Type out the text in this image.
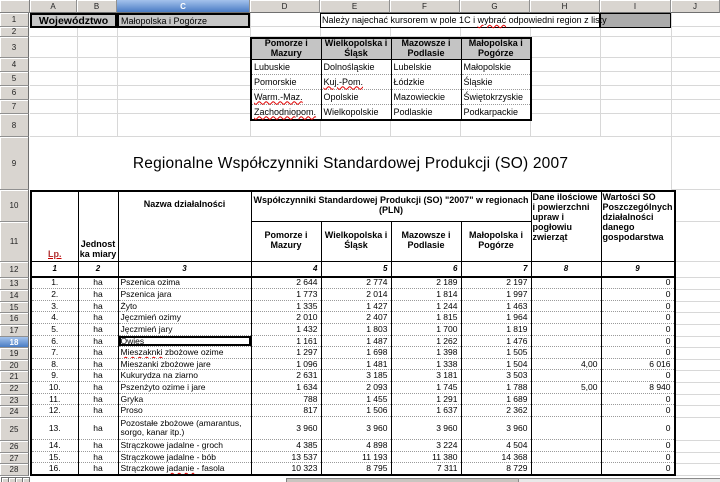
A	B	C	D	E	F	G	H	I	J
1
2
3
4
5
6
7
8
9
10
11
12
13
14
15
16
17
18
19
20
21
22
23
24
25
26
27
28
Województwo	Małopolska i Pogórze	Należy najechać kursorem w pole 1C i wybrać odpowiedni region z listy
Pomorze i Mazury	Wielkopolska i Śląsk	Mazowsze i Podlasie	Małopolska i Pogórze
Lubuskie	Dolnośląskie	Lubelskie	Małopolskie
Pomorskie	Kuj.-Pom.	Łódzkie	Śląskie
Warm.-Maz.	Opolskie	Mazowieckie	Świętokrzyskie
Zachodniopom.	Wielkopolskie	Podlaskie	Podkarpackie
Regionalne Współczynniki Standardowej Produkcji (SO) 2007
Lp.	Jednostka miary	Nazwa działalności	Współczynniki Standardowej Produkcji (SO) "2007" w regionach (PLN)				Dane ilościowe i powierzchni upraw i pogłowiu zwierząt	Wartości SO Poszczególnych działalności danego gospodarstwa
			Pomorze i Mazury	Wielkopolska i Śląsk	Mazowsze i Podlasie	Małopolska i Pogórze		
1	2	3	4	5	6	7	8	9
1.	ha	Pszenica ozima	2 644	2 774	2 189	2 197		0
2.	ha	Pszenica jara	1 773	2 014	1 814	1 997		0
3.	ha	Żyto	1 335	1 427	1 244	1 463		0
4.	ha	Jęczmień ozimy	2 010	2 407	1 815	1 964		0
5.	ha	Jęczmień jary	1 432	1 803	1 700	1 819		0
6.	ha	Owies	1 161	1 487	1 262	1 476		0
7.	ha	Mieszaknki zbożowe ozime	1 297	1 698	1 398	1 505		0
8.	ha	Mieszanki zbożowe jare	1 096	1 481	1 338	1 504	4,00	6 016
9.	ha	Kukurydza na ziarno	2 631	3 185	3 181	3 503		0
10.	ha	Pszenżyto ozime i jare	1 634	2 093	1 745	1 788	5,00	8 940
11.	ha	Gryka	788	1 455	1 291	1 689		0
12.	ha	Proso	817	1 506	1 637	2 362		0
13.	ha	Pozostałe zbożowe (amarantus, sorgo, kanar itp.)	3 960	3 960	3 960	3 960		0
14.	ha	Strączkowe jadalne - groch	4 385	4 898	3 224	4 504		0
15.	ha	Strączkowe jadalne - bób	13 537	11 193	11 380	14 368		0
16.	ha	Strączkowe jadanie - fasola	10 323	8 795	7 311	8 729		0
